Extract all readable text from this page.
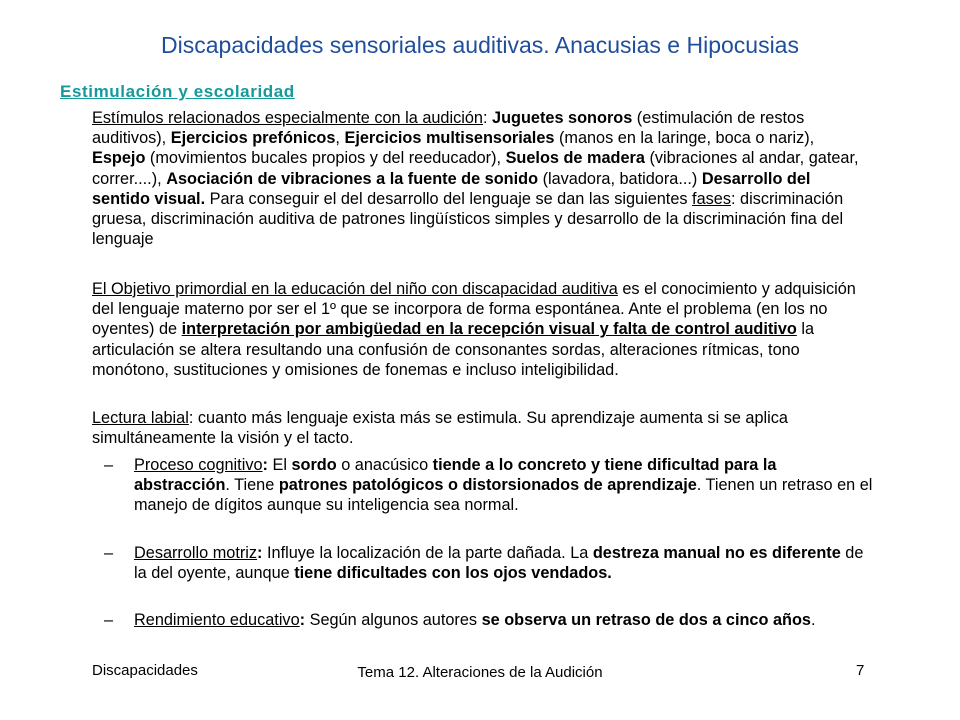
Discapacidades sensoriales auditivas. Anacusias e Hipocusias
Estimulación y escolaridad
Estímulos relacionados especialmente con la audición: Juguetes sonoros (estimulación de restos auditivos), Ejercicios prefónicos, Ejercicios multisensoriales (manos en la laringe, boca o nariz), Espejo (movimientos bucales propios y del reeducador), Suelos de madera (vibraciones al andar, gatear, correr....), Asociación de vibraciones a la fuente de sonido (lavadora, batidora...) Desarrollo del sentido visual. Para conseguir el del desarrollo del lenguaje se dan las siguientes fases: discriminación gruesa, discriminación auditiva de patrones lingüísticos simples y desarrollo de la discriminación fina del lenguaje
El Objetivo primordial en la educación del niño con discapacidad auditiva es el conocimiento y adquisición del lenguaje materno por ser el 1º que se incorpora de forma espontánea. Ante el problema (en los no oyentes) de interpretación por ambigüedad en la recepción visual y falta de control auditivo la articulación se altera resultando una confusión de consonantes sordas, alteraciones rítmicas, tono monótono, sustituciones y omisiones de fonemas e incluso inteligibilidad.
Lectura labial: cuanto más lenguaje exista más se estimula. Su aprendizaje aumenta si se aplica simultáneamente la visión y el tacto.
– Proceso cognitivo: El sordo o anacúsico tiende a lo concreto y tiene dificultad para la abstracción. Tiene patrones patológicos o distorsionados de aprendizaje. Tienen un retraso en el manejo de dígitos aunque su inteligencia sea normal.
– Desarrollo motriz: Influye la localización de la parte dañada. La destreza manual no es diferente de la del oyente, aunque tiene dificultades con los ojos vendados.
– Rendimiento educativo: Según algunos autores se observa un retraso de dos a cinco años.
Discapacidades	Tema 12. Alteraciones de la Audición	7
